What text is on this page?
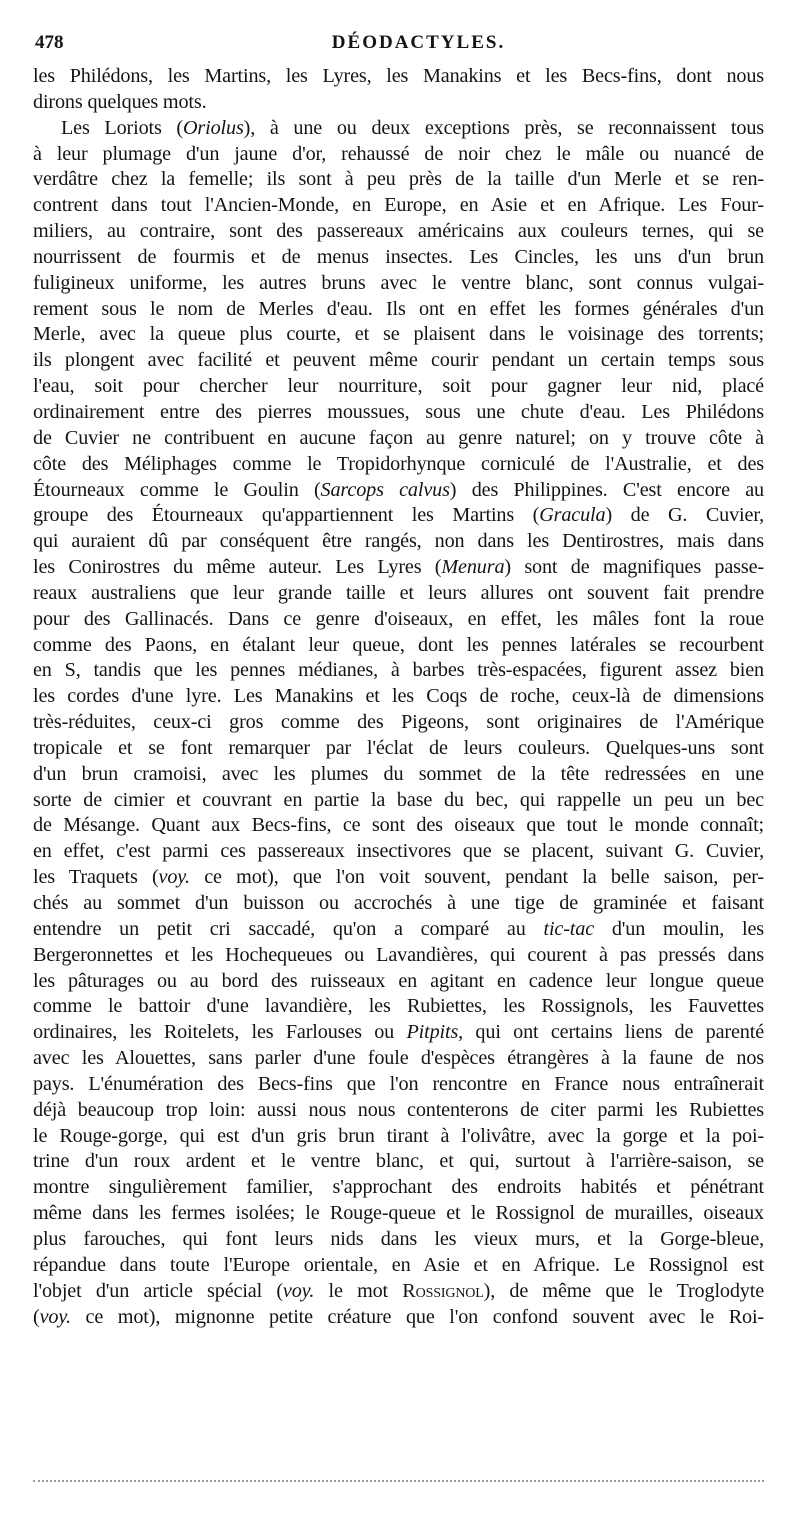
478	DÉODACTYLES.
les Philédons, les Martins, les Lyres, les Manakins et les Becs-fins, dont nous
dirons quelques mots.
Les Loriots (Oriolus), à une ou deux exceptions près, se reconnaissent tous
à leur plumage d'un jaune d'or, rehaussé de noir chez le mâle ou nuancé de
verdâtre chez la femelle; ils sont à peu près de la taille d'un Merle et se ren-
contrent dans tout l'Ancien-Monde, en Europe, en Asie et en Afrique. Les Four-
miliers, au contraire, sont des passereaux américains aux couleurs ternes, qui se
nourrissent de fourmis et de menus insectes. Les Cincles, les uns d'un brun
fuligineux uniforme, les autres bruns avec le ventre blanc, sont connus vulgai-
rement sous le nom de Merles d'eau. Ils ont en effet les formes générales d'un
Merle, avec la queue plus courte, et se plaisent dans le voisinage des torrents;
ils plongent avec facilité et peuvent même courir pendant un certain temps sous
l'eau, soit pour chercher leur nourriture, soit pour gagner leur nid, placé
ordinairement entre des pierres moussues, sous une chute d'eau. Les Philédons
de Cuvier ne contribuent en aucune façon au genre naturel; on y trouve côte à
côte des Méliphages comme le Tropidorhynque corniculé de l'Australie, et des
Étourneaux comme le Goulin (Sarcops calvus) des Philippines. C'est encore au
groupe des Étourneaux qu'appartiennent les Martins (Gracula) de G. Cuvier,
qui auraient dû par conséquent être rangés, non dans les Dentirostres, mais dans
les Conirostres du même auteur. Les Lyres (Menura) sont de magnifiques passe-
reaux australiens que leur grande taille et leurs allures ont souvent fait prendre
pour des Gallinacés. Dans ce genre d'oiseaux, en effet, les mâles font la roue
comme des Paons, en étalant leur queue, dont les pennes latérales se recourbent
en S, tandis que les pennes médianes, à barbes très-espacées, figurent assez bien
les cordes d'une lyre. Les Manakins et les Coqs de roche, ceux-là de dimensions
très-réduites, ceux-ci gros comme des Pigeons, sont originaires de l'Amérique
tropicale et se font remarquer par l'éclat de leurs couleurs. Quelques-uns sont
d'un brun cramoisi, avec les plumes du sommet de la tête redressées en une
sorte de cimier et couvrant en partie la base du bec, qui rappelle un peu un bec
de Mésange. Quant aux Becs-fins, ce sont des oiseaux que tout le monde connaît;
en effet, c'est parmi ces passereaux insectivores que se placent, suivant G. Cuvier,
les Traquets (voy. ce mot), que l'on voit souvent, pendant la belle saison, per-
chés au sommet d'un buisson ou accrochés à une tige de graminée et faisant
entendre un petit cri saccadé, qu'on a comparé au tic-tac d'un moulin, les
Bergeronnettes et les Hochequeues ou Lavandières, qui courent à pas pressés dans
les pâturages ou au bord des ruisseaux en agitant en cadence leur longue queue
comme le battoir d'une lavandière, les Rubiettes, les Rossignols, les Fauvettes
ordinaires, les Roitelets, les Farlouses ou Pitpits, qui ont certains liens de parenté
avec les Alouettes, sans parler d'une foule d'espèces étrangères à la faune de nos
pays. L'énumération des Becs-fins que l'on rencontre en France nous entraînerait
déjà beaucoup trop loin: aussi nous nous contenterons de citer parmi les Rubiettes
le Rouge-gorge, qui est d'un gris brun tirant à l'olivâtre, avec la gorge et la poi-
trine d'un roux ardent et le ventre blanc, et qui, surtout à l'arrière-saison, se
montre singulièrement familier, s'approchant des endroits habités et pénétrant
même dans les fermes isolées; le Rouge-queue et le Rossignol de murailles, oiseaux
plus farouches, qui font leurs nids dans les vieux murs, et la Gorge-bleue,
répandue dans toute l'Europe orientale, en Asie et en Afrique. Le Rossignol est
l'objet d'un article spécial (voy. le mot Rossignol), de même que le Troglodyte
(voy. ce mot), mignonne petite créature que l'on confond souvent avec le Roi-
